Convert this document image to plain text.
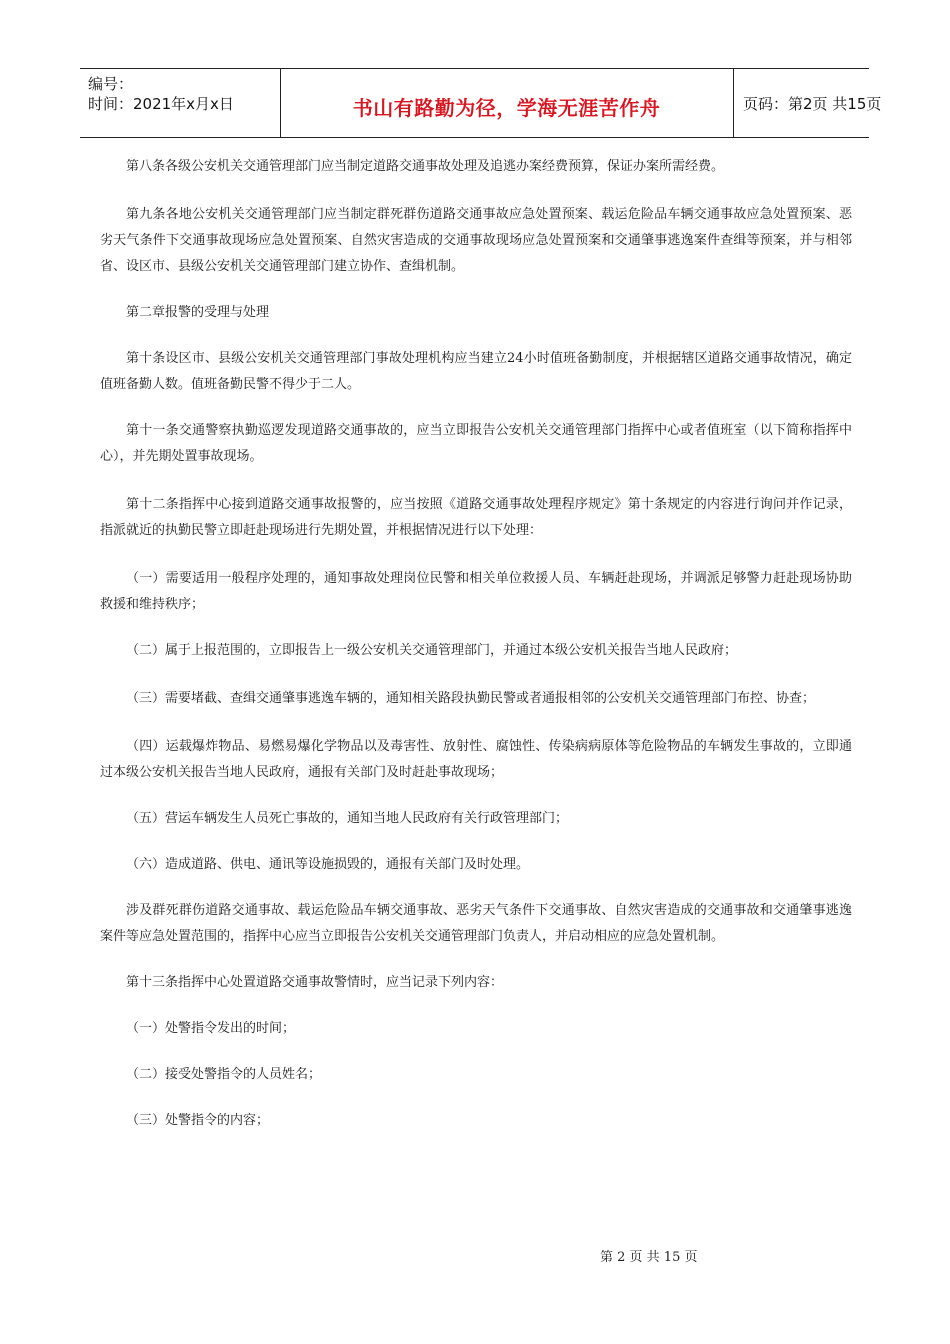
编号：
时间：2021年x月x日	书山有路勤为径，学海无涯苦作舟	页码：第2页 共15页

第八条各级公安机关交通管理部门应当制定道路交通事故处理及追逃办案经费预算，保证办案所需经费。

第九条各地公安机关交通管理部门应当制定群死群伤道路交通事故应急处置预案、载运危险品车辆交通事故应急处置预案、恶劣天气条件下交通事故现场应急处置预案、自然灾害造成的交通事故现场应急处置预案和交通肇事逃逸案件查缉等预案，并与相邻省、设区市、县级公安机关交通管理部门建立协作、查缉机制。

第二章报警的受理与处理

第十条设区市、县级公安机关交通管理部门事故处理机构应当建立24小时值班备勤制度，并根据辖区道路交通事故情况，确定值班备勤人数。值班备勤民警不得少于二人。

第十一条交通警察执勤巡逻发现道路交通事故的，应当立即报告公安机关交通管理部门指挥中心或者值班室（以下简称指挥中心），并先期处置事故现场。

第十二条指挥中心接到道路交通事故报警的，应当按照《道路交通事故处理程序规定》第十条规定的内容进行询问并作记录，指派就近的执勤民警立即赶赴现场进行先期处置，并根据情况进行以下处理：

（一）需要适用一般程序处理的，通知事故处理岗位民警和相关单位救援人员、车辆赶赴现场，并调派足够警力赶赴现场协助救援和维持秩序；

（二）属于上报范围的，立即报告上一级公安机关交通管理部门，并通过本级公安机关报告当地人民政府；

（三）需要堵截、查缉交通肇事逃逸车辆的，通知相关路段执勤民警或者通报相邻的公安机关交通管理部门布控、协查；

（四）运载爆炸物品、易燃易爆化学物品以及毒害性、放射性、腐蚀性、传染病病原体等危险物品的车辆发生事故的，立即通过本级公安机关报告当地人民政府，通报有关部门及时赶赴事故现场；

（五）营运车辆发生人员死亡事故的，通知当地人民政府有关行政管理部门；

（六）造成道路、供电、通讯等设施损毁的，通报有关部门及时处理。

涉及群死群伤道路交通事故、载运危险品车辆交通事故、恶劣天气条件下交通事故、自然灾害造成的交通事故和交通肇事逃逸案件等应急处置范围的，指挥中心应当立即报告公安机关交通管理部门负责人，并启动相应的应急处置机制。

第十三条指挥中心处置道路交通事故警情时，应当记录下列内容：

（一）处警指令发出的时间；

（二）接受处警指令的人员姓名；

（三）处警指令的内容；

第 2 页 共 15 页
